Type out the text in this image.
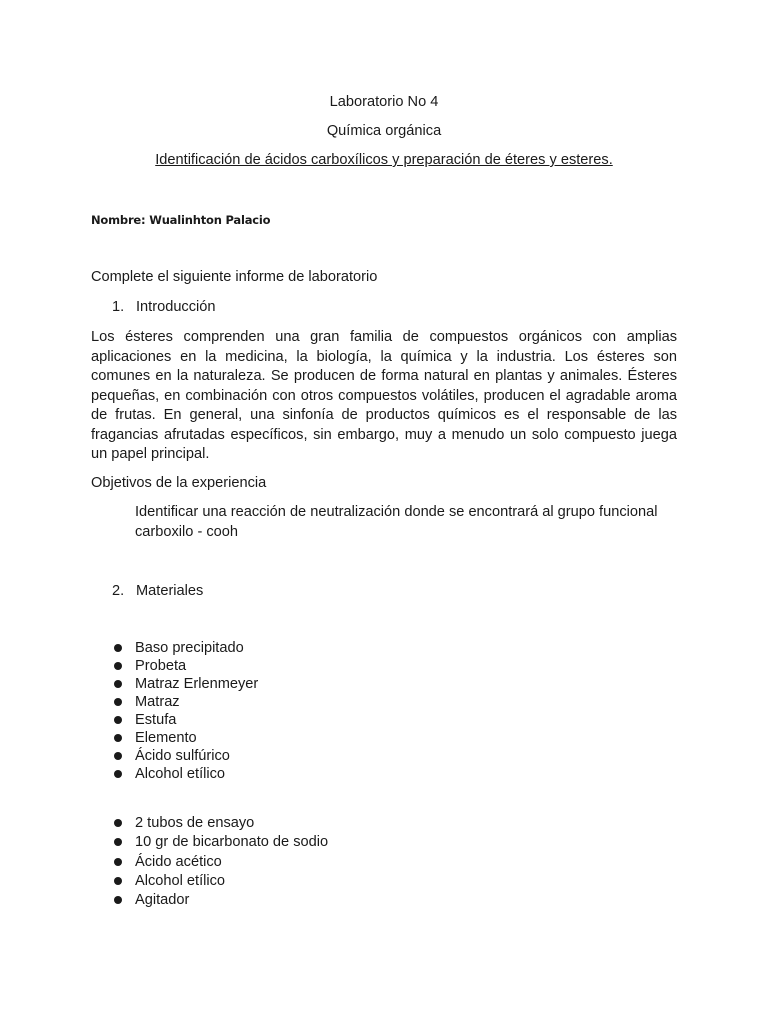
Laboratorio No 4
Química orgánica
Identificación de ácidos carboxílicos y preparación de éteres y esteres.
Nombre: Wualinhton Palacio
Complete el siguiente informe de laboratorio
1. Introducción
Los ésteres comprenden una gran familia de compuestos orgánicos con amplias aplicaciones en la medicina, la biología, la química y la industria. Los ésteres son comunes en la naturaleza. Se producen de forma natural en plantas y animales. Ésteres pequeñas, en combinación con otros compuestos volátiles, producen el agradable aroma de frutas. En general, una sinfonía de productos químicos es el responsable de las fragancias afrutadas específicos, sin embargo, muy a menudo un solo compuesto juega un papel principal.
Objetivos de la experiencia
Identificar una reacción de neutralización donde se encontrará al grupo funcional carboxilo - cooh
2. Materiales
Baso precipitado
Probeta
Matraz Erlenmeyer
Matraz
Estufa
Elemento
Ácido sulfúrico
Alcohol etílico
2 tubos de ensayo
10 gr de bicarbonato de sodio
Ácido acético
Alcohol etílico
Agitador
